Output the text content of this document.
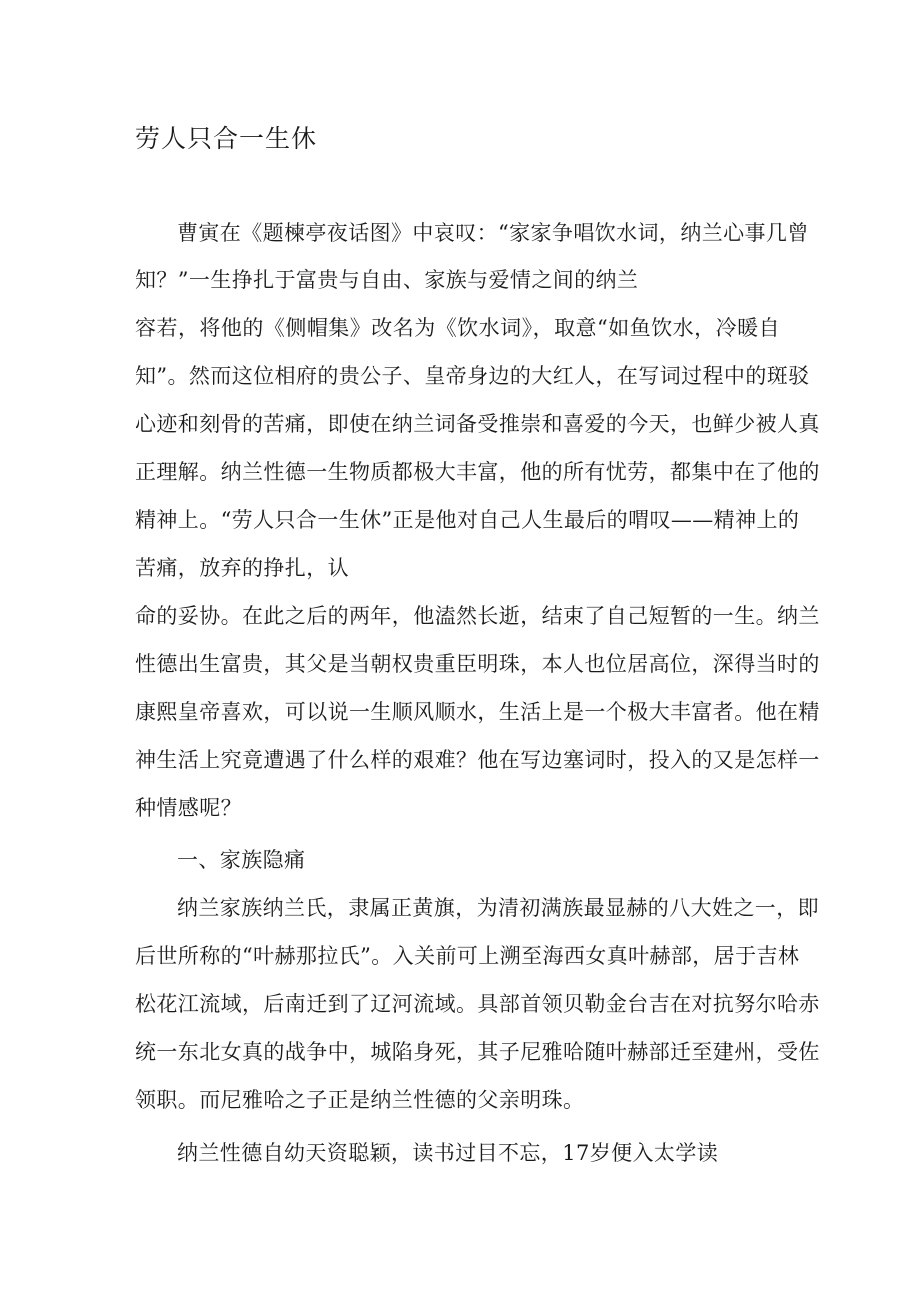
劳人只合一生休
曹寅在《题楝亭夜话图》中哀叹：“家家争唱饮水词，纳兰心事几曾
知？”一生挣扎于富贵与自由、家族与爱情之间的纳兰
容若，将他的《侧帽集》改名为《饮水词》，取意“如鱼饮水，冷暖自
知”。然而这位相府的贵公子、皇帝身边的大红人，在写词过程中的斑驳
心迹和刻骨的苦痛，即使在纳兰词备受推崇和喜爱的今天，也鲜少被人真
正理解。纳兰性德一生物质都极大丰富，他的所有忧劳，都集中在了他的
精神上。“劳人只合一生休”正是他对自己人生最后的喟叹——精神上的
苦痛，放弃的挣扎，认
命的妥协。在此之后的两年，他溘然长逝，结束了自己短暂的一生。纳兰
性德出生富贵，其父是当朝权贵重臣明珠，本人也位居高位，深得当时的
康熙皇帝喜欢，可以说一生顺风顺水，生活上是一个极大丰富者。他在精
神生活上究竟遭遇了什么样的艰难？他在写边塞词时，投入的又是怎样一
种情感呢？
一、家族隐痛
纳兰家族纳兰氏，隶属正黄旗，为清初满族最显赫的八大姓之一，即
后世所称的“叶赫那拉氏”。入关前可上溯至海西女真叶赫部，居于吉林
松花江流域，后南迁到了辽河流域。具部首领贝勒金台吉在对抗努尔哈赤
统一东北女真的战争中，城陷身死，其子尼雅哈随叶赫部迁至建州，受佐
领职。而尼雅哈之子正是纳兰性德的父亲明珠。
纳兰性德自幼天资聪颖，读书过目不忘，17岁便入太学读
